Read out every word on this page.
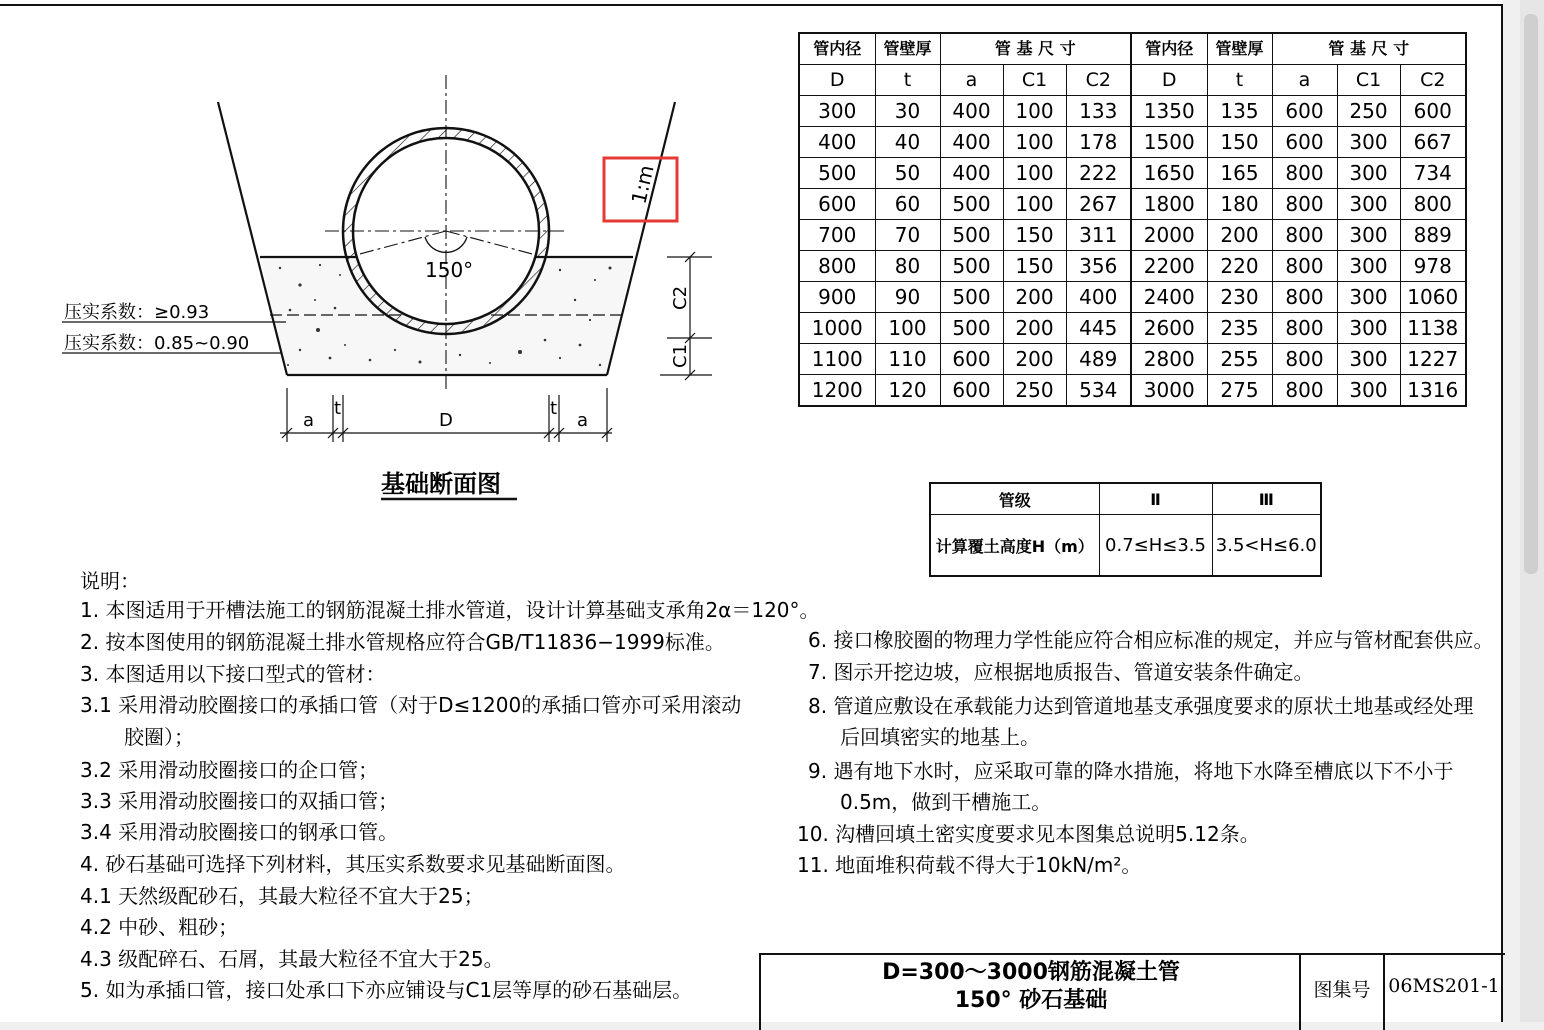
150°
1:m
压实系数：≥0.93
压实系数：0.85~0.90
C2
C1
a
t
D
t
a
基础断面图
管内径	管壁厚	管 基 尺 寸			管内径	管壁厚	管 基 尺 寸		
D	t	a	C1	C2	D	t	a	C1	C2
300	30	400	100	133	1350	135	600	250	600
400	40	400	100	178	1500	150	600	300	667
500	50	400	100	222	1650	165	800	300	734
600	60	500	100	267	1800	180	800	300	800
700	70	500	150	311	2000	200	800	300	889
800	80	500	150	356	2200	220	800	300	978
900	90	500	200	400	2400	230	800	300	1060
1000	100	500	200	445	2600	235	800	300	1138
1100	110	600	200	489	2800	255	800	300	1227
1200	120	600	250	534	3000	275	800	300	1316
管级	Ⅱ	Ⅲ
计算覆土高度H（m）	0.7≤H≤3.5	3.5<H≤6.0
说明：
1. 本图适用于开槽法施工的钢筋混凝土排水管道，设计计算基础支承角2α＝120°。
2. 按本图使用的钢筋混凝土排水管规格应符合GB/T11836−1999标准。
3. 本图适用以下接口型式的管材：
3.1 采用滑动胶圈接口的承插口管（对于D≤1200的承插口管亦可采用滚动
胶圈）；
3.2 采用滑动胶圈接口的企口管；
3.3 采用滑动胶圈接口的双插口管；
3.4 采用滑动胶圈接口的钢承口管。
4. 砂石基础可选择下列材料，其压实系数要求见基础断面图。
4.1 天然级配砂石，其最大粒径不宜大于25；
4.2 中砂、粗砂；
4.3 级配碎石、石屑，其最大粒径不宜大于25。
5. 如为承插口管，接口处承口下亦应铺设与C1层等厚的砂石基础层。
6. 接口橡胶圈的物理力学性能应符合相应标准的规定，并应与管材配套供应。
7. 图示开挖边坡，应根据地质报告、管道安装条件确定。
8. 管道应敷设在承载能力达到管道地基支承强度要求的原状土地基或经处理
后回填密实的地基上。
9. 遇有地下水时，应采取可靠的降水措施，将地下水降至槽底以下不小于
0.5m，做到干槽施工。
10. 沟槽回填土密实度要求见本图集总说明5.12条。
11. 地面堆积荷载不得大于10kN/m²。
D=300～3000钢筋混凝土管
150° 砂石基础	图集号 06MS201-1
